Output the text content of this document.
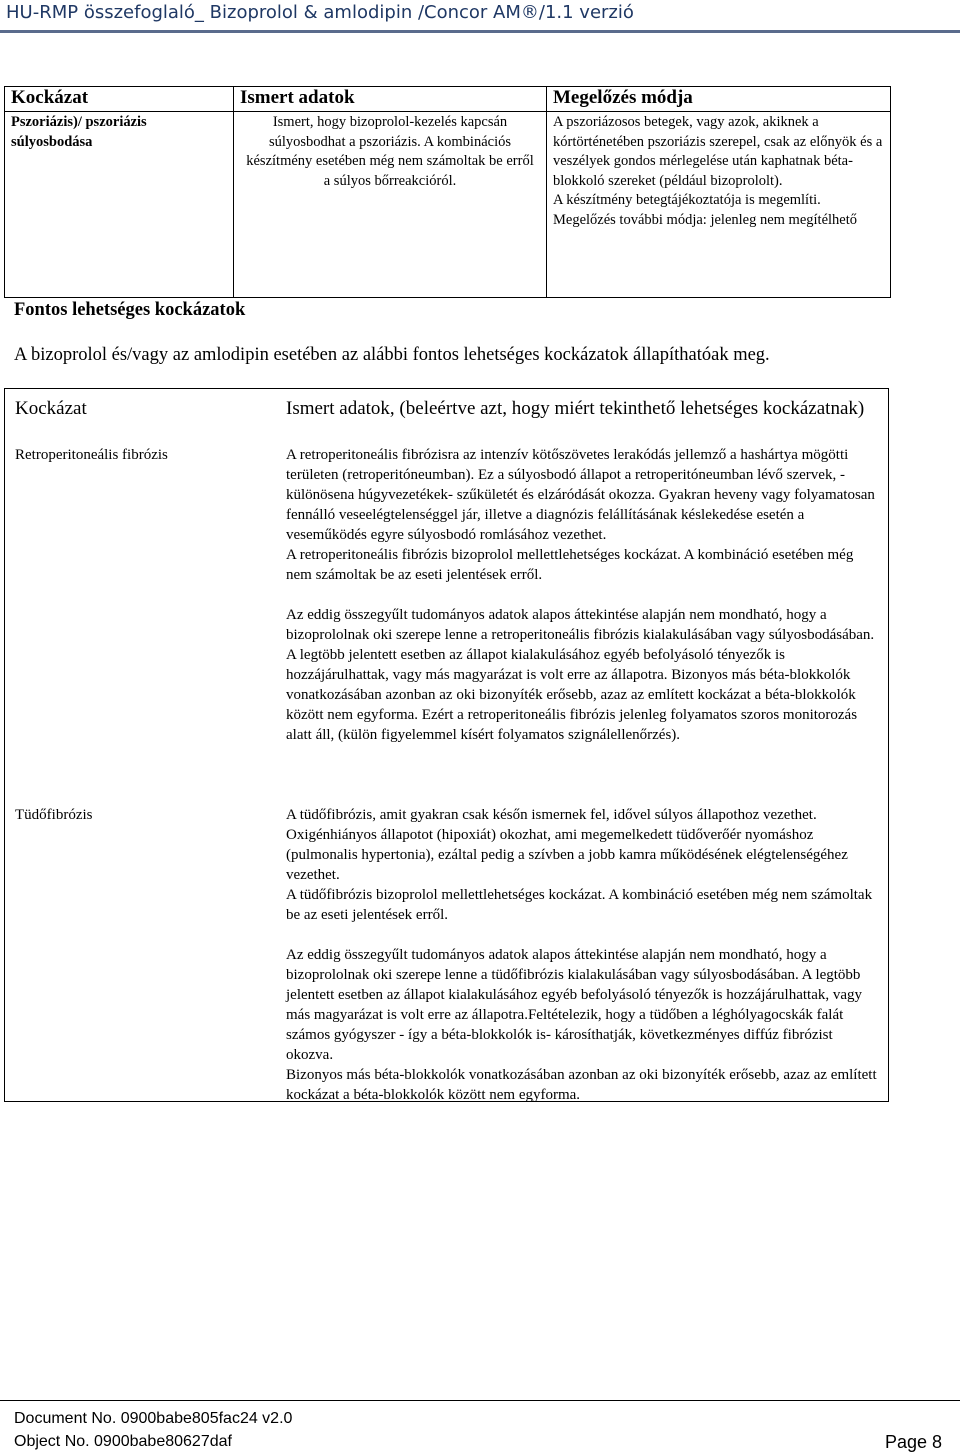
HU-RMP összefoglaló_ Bizoprolol & amlodipin /Concor AM®/1.1 verzió
Kockázat	Ismert adatok	Megelőzés módja
Pszoriázis)/ pszoriázis súlyosbodása	Ismert, hogy bizoprolol-kezelés kapcsán súlyosbodhat a pszoriázis. A kombinációs készítmény esetében még nem számoltak be erről a súlyos bőrreakcióról.	A pszoriázosos betegek, vagy azok, akiknek a kórtörténetében pszoriázis szerepel, csak az előnyök és a veszélyek gondos mérlegelése után kaphatnak béta-blokkoló szereket (például bizoprololt).
A készítmény betegtájékoztatója is megemlíti.
Megelőzés további módja: jelenleg nem megítélhető
Fontos lehetséges kockázatok
A bizoprolol és/vagy az amlodipin esetében az alábbi fontos lehetséges kockázatok állapíthatóak meg.
Kockázat	Ismert adatok, (beleértve azt, hogy miért tekinthető lehetséges kockázatnak)
Retroperitoneális fibrózis	A retroperitoneális fibrózisra az intenzív kötőszövetes lerakódás jellemző a hashártya mögötti területen (retroperitóneumban). Ez a súlyosbodó állapot a retroperitóneumban lévő szervek, -különösena húgyvezetékek- szűkületét és elzáródását okozza. Gyakran heveny vagy folyamatosan fennálló veseelégtelenséggel jár, illetve a diagnózis felállításának késlekedése esetén a veseműködés egyre súlyosbodó romlásához vezethet.

A retroperitoneális fibrózis bizoprolol mellettlehetséges kockázat. A kombináció esetében még nem számoltak be az eseti jelentések erről.

Az eddig összegyűlt tudományos adatok alapos áttekintése alapján nem mondható, hogy a bizoprololnak oki szerepe lenne a retroperitoneális fibrózis kialakulásában vagy súlyosbodásában. A legtöbb jelentett esetben az állapot kialakulásához egyéb befolyásoló tényezők is hozzájárulhattak, vagy más magyarázat is volt erre az állapotra. Bizonyos más béta-blokkolók vonatkozásában azonban az oki bizonyíték erősebb, azaz az említett kockázat a béta-blokkolók között nem egyforma. Ezért a retroperitoneális fibrózis jelenleg folyamatos szoros monitorozás alatt áll, (külön figyelemmel kísért folyamatos szignálellenőrzés).

Tüdőfibrózis	A tüdőfibrózis, amit gyakran csak későn ismernek fel, idővel súlyos állapothoz vezethet. Oxigénhiányos állapotot (hipoxiát) okozhat, ami megemelkedett tüdőverőér nyomáshoz (pulmonalis hypertonia), ezáltal pedig a szívben a jobb kamra működésének elégtelenségéhez vezethet.

A tüdőfibrózis bizoprolol mellettlehetséges kockázat. A kombináció esetében még nem számoltak be az eseti jelentések erről.

Az eddig összegyűlt tudományos adatok alapos áttekintése alapján nem mondható, hogy a bizoprololnak oki szerepe lenne a tüdőfibrózis kialakulásában vagy súlyosbodásában. A legtöbb jelentett esetben az állapot kialakulásához egyéb befolyásoló tényezők is hozzájárulhattak, vagy más magyarázat is volt erre az állapotra.Feltételezik, hogy a tüdőben a léghólyagocskák falát számos gyógyszer - így a béta-blokkolók is- károsíthatják, következményes diffúz fibrózist okozva.

Bizonyos más béta-blokkolók vonatkozásában azonban az oki bizonyíték erősebb, azaz az említett kockázat a béta-blokkolók között nem egyforma.

Document No. 0900babe805fac24 v2.0
Object No. 0900babe80627daf	Page 8
